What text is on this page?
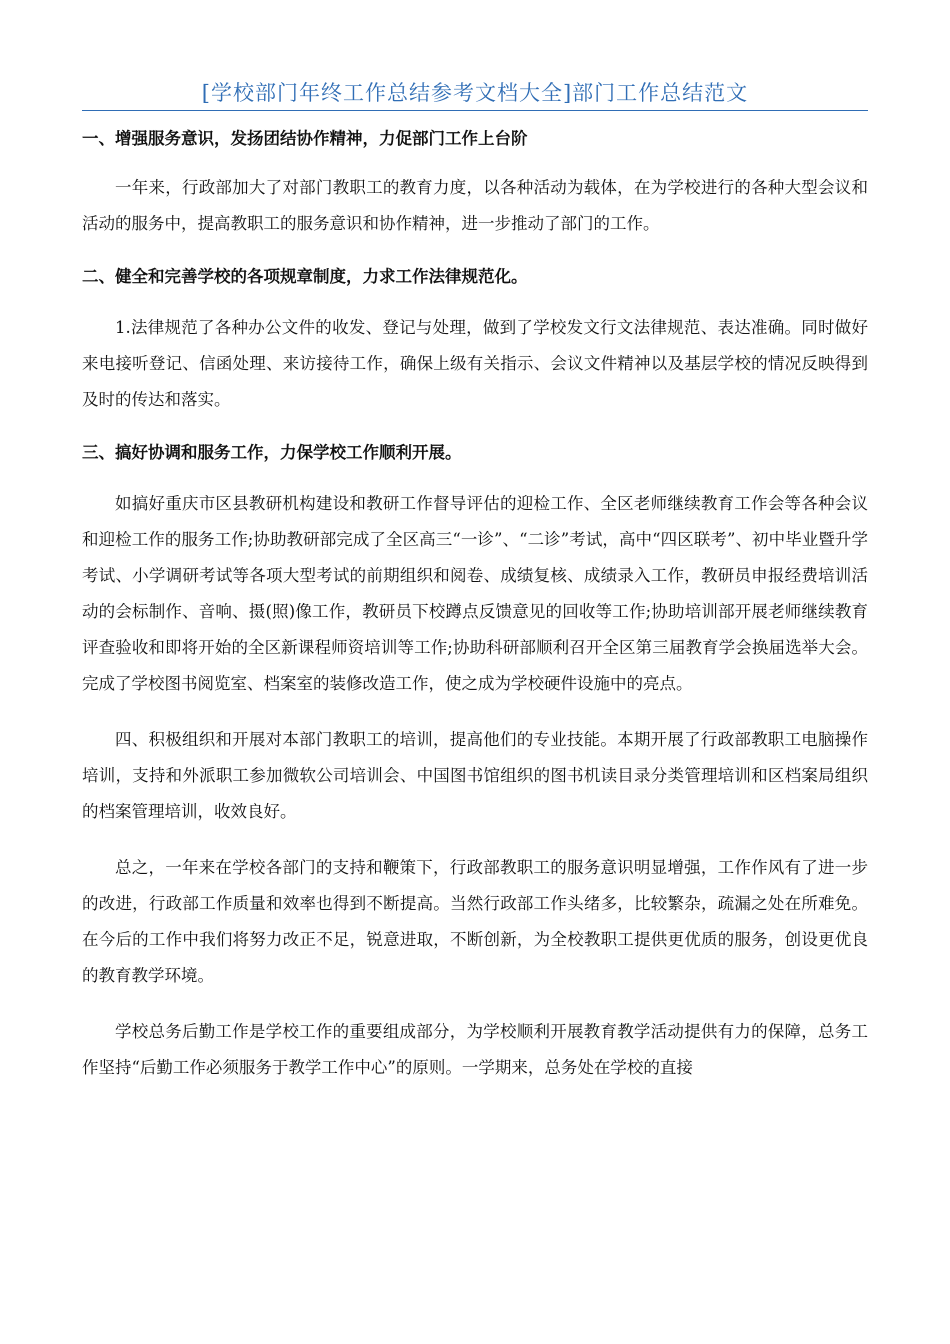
[学校部门年终工作总结参考文档大全]部门工作总结范文

一、增强服务意识，发扬团结协作精神，力促部门工作上台阶

一年来，行政部加大了对部门教职工的教育力度，以各种活动为载体，在为学校进行的各种大型会议和活动的服务中，提高教职工的服务意识和协作精神，进一步推动了部门的工作。

二、健全和完善学校的各项规章制度，力求工作法律规范化。

1.法律规范了各种办公文件的收发、登记与处理，做到了学校发文行文法律规范、表达准确。同时做好来电接听登记、信函处理、来访接待工作，确保上级有关指示、会议文件精神以及基层学校的情况反映得到及时的传达和落实。

三、搞好协调和服务工作，力保学校工作顺利开展。

如搞好重庆市区县教研机构建设和教研工作督导评估的迎检工作、全区老师继续教育工作会等各种会议和迎检工作的服务工作;协助教研部完成了全区高三“一诊”、“二诊”考试，高中“四区联考”、初中毕业暨升学考试、小学调研考试等各项大型考试的前期组织和阅卷、成绩复核、成绩录入工作，教研员申报经费培训活动的会标制作、音响、摄(照)像工作，教研员下校蹲点反馈意见的回收等工作;协助培训部开展老师继续教育评查验收和即将开始的全区新课程师资培训等工作;协助科研部顺利召开全区第三届教育学会换届选举大会。完成了学校图书阅览室、档案室的装修改造工作，使之成为学校硬件设施中的亮点。

四、积极组织和开展对本部门教职工的培训，提高他们的专业技能。本期开展了行政部教职工电脑操作培训，支持和外派职工参加微软公司培训会、中国图书馆组织的图书机读目录分类管理培训和区档案局组织的档案管理培训，收效良好。

总之，一年来在学校各部门的支持和鞭策下，行政部教职工的服务意识明显增强，工作作风有了进一步的改进，行政部工作质量和效率也得到不断提高。当然行政部工作头绪多，比较繁杂，疏漏之处在所难免。在今后的工作中我们将努力改正不足，锐意进取，不断创新，为全校教职工提供更优质的服务，创设更优良的教育教学环境。

学校总务后勤工作是学校工作的重要组成部分，为学校顺利开展教育教学活动提供有力的保障，总务工作坚持“后勤工作必须服务于教学工作中心”的原则。一学期来，总务处在学校的直接
